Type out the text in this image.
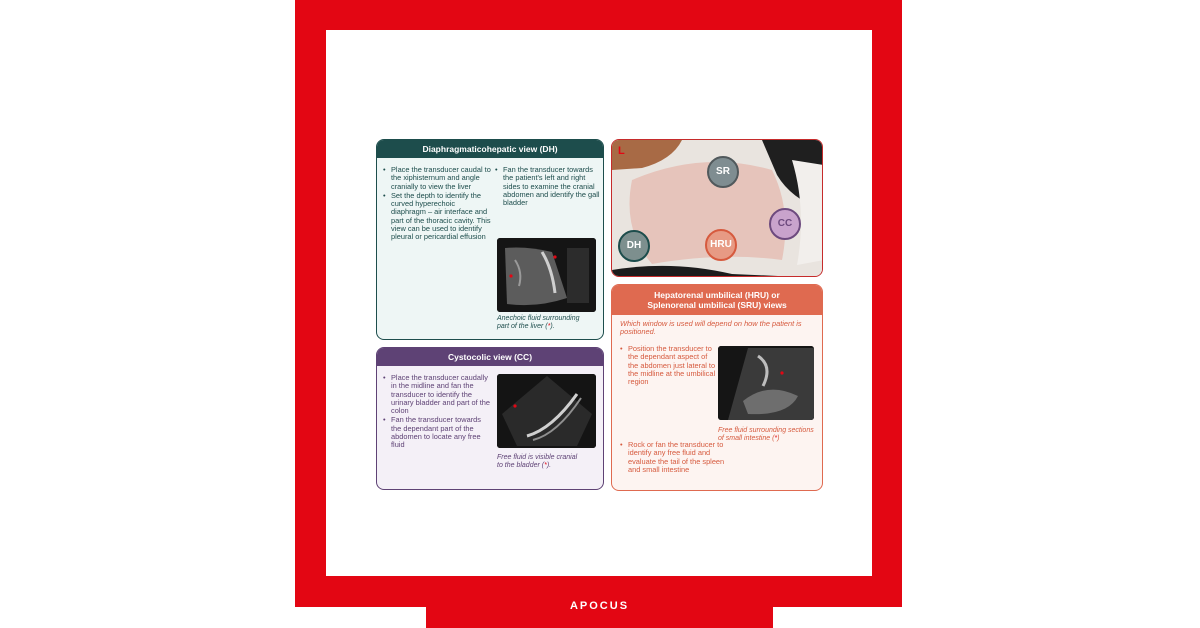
APOCUS
Diaphragmaticohepatic view (DH)
• Place the transducer caudal to the xiphisternum and angle cranially to view the liver
• Set the depth to identify the curved hyperechoic diaphragm – air interface and part of the thoracic cavity. This view can be used to identify pleural or pericardial effusion
• Fan the transducer towards the patient's left and right sides to examine the cranial abdomen and identify the gall bladder
Anechoic fluid surrounding
part of the liver (*).
Cystocolic view (CC)
• Place the transducer caudally in the midline and fan the transducer to identify the urinary bladder and part of the colon
• Fan the transducer towards the dependant part of the abdomen to locate any free fluid
Free fluid is visible cranial
to the bladder (*).
L
SR
CC
DH	HRU
Hepatorenal umbilical (HRU) or
Splenorenal umbilical (SRU) views
Which window is used will depend on how the patient is positioned.
• Position the transducer to the dependant aspect of the abdomen just lateral to the midline at the umbilical region
• Rock or fan the transducer to identify any free fluid and evaluate the tail of the spleen and small intestine
Free fluid surrounding sections of small intestine (*)
